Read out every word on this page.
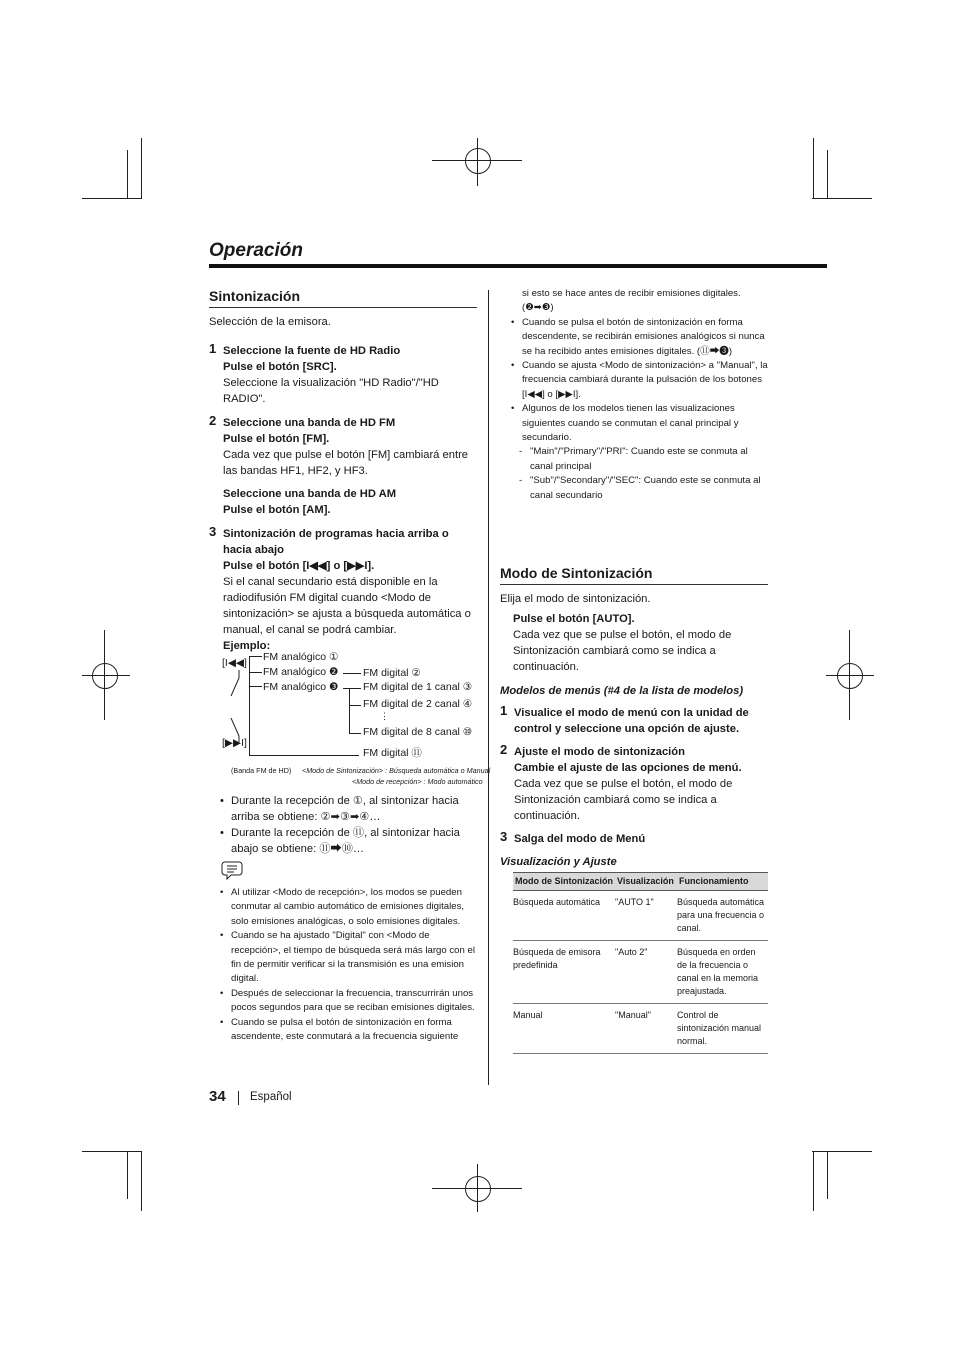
Operación

Sintonización

Selección de la emisora.

1 Seleccione la fuente de HD Radio

Pulse el botón [SRC].

Seleccione la visualización "HD Radio"/"HD RADIO".

2 Seleccione una banda de HD FM

Pulse el botón [FM].

Cada vez que pulse el botón [FM] cambiará entre las bandas HF1, HF2, y HF3.

Seleccione una banda de HD AM

Pulse el botón [AM].

3 Sintonización de programas hacia arriba o hacia abajo

Pulse el botón [I◀◀] o [▶▶I].

Si el canal secundario está disponible en la radiodifusión FM digital cuando <Modo de sintonización> se ajusta a búsqueda automática o manual, el canal se podrá cambiar.

Ejemplo:

[I◀◀]
[▶▶I]
FM analógico ①
FM analógico ❷
FM analógico ❸
FM digital ②
FM digital de 1 canal ③
FM digital de 2 canal ④
⋮
FM digital de 8 canal ⑩
FM digital ⑪
(Banda FM de HD) <Modo de Sintonización> : Búsqueda automática o Manual
<Modo de recepción> : Modo automático

• Durante la recepción de ①, al sintonizar hacia arriba se obtiene: ②➡③➡④…

• Durante la recepción de ⑪, al sintonizar hacia abajo se obtiene: ⑪➡⑩…

• Al utilizar <Modo de recepción>, los modos se pueden conmutar al cambio automático de emisiones digitales, solo emisiones analógicas, o solo emisiones digitales.

• Cuando se ha ajustado "Digital" con <Modo de recepción>, el tiempo de búsqueda será más largo con el fin de permitir verificar si la transmisión es una emision digital.

• Después de seleccionar la frecuencia, transcurrirán unos pocos segundos para que se reciban emisiones digitales.

• Cuando se pulsa el botón de sintonización en forma ascendente, este conmutará a la frecuencia siguiente

si esto se hace antes de recibir emisiones digitales. (❷➡❸)

• Cuando se pulsa el botón de sintonización en forma descendente, se recibirán emisiones analógicos si nunca se ha recibido antes emisiones digitales. (⑪➡❸)

• Cuando se ajusta <Modo de sintonización> a "Manual", la frecuencia cambiará durante la pulsación de los botones [I◀◀] o [▶▶I].

• Algunos de los modelos tienen las visualizaciones siguientes cuando se conmutan el canal principal y secundario.

- "Main"/"Primary"/"PRI": Cuando este se conmuta al canal principal

- "Sub"/"Secondary"/"SEC": Cuando este se conmuta al canal secundario

Modo de Sintonización

Elija el modo de sintonización.

Pulse el botón [AUTO].

Cada vez que se pulse el botón, el modo de Sintonización cambiará como se indica a continuación.

Modelos de menús (#4 de la lista de modelos)

1 Visualice el modo de menú con la unidad de control y seleccione una opción de ajuste.

2 Ajuste el modo de sintonización

Cambie el ajuste de las opciones de menú.

Cada vez que se pulse el botón, el modo de Sintonización cambiará como se indica a continuación.

3 Salga del modo de Menú

Visualización y Ajuste

Modo de Sintonización	Visualización	Funcionamiento
Búsqueda automática	"AUTO 1"	Búsqueda automática para una frecuencia o canal.
Búsqueda de emisora predefinida	"Auto 2"	Búsqueda en orden de la frecuencia o canal en la memoria preajustada.
Manual	"Manual"	Control de sintonización manual normal.
34 Español
